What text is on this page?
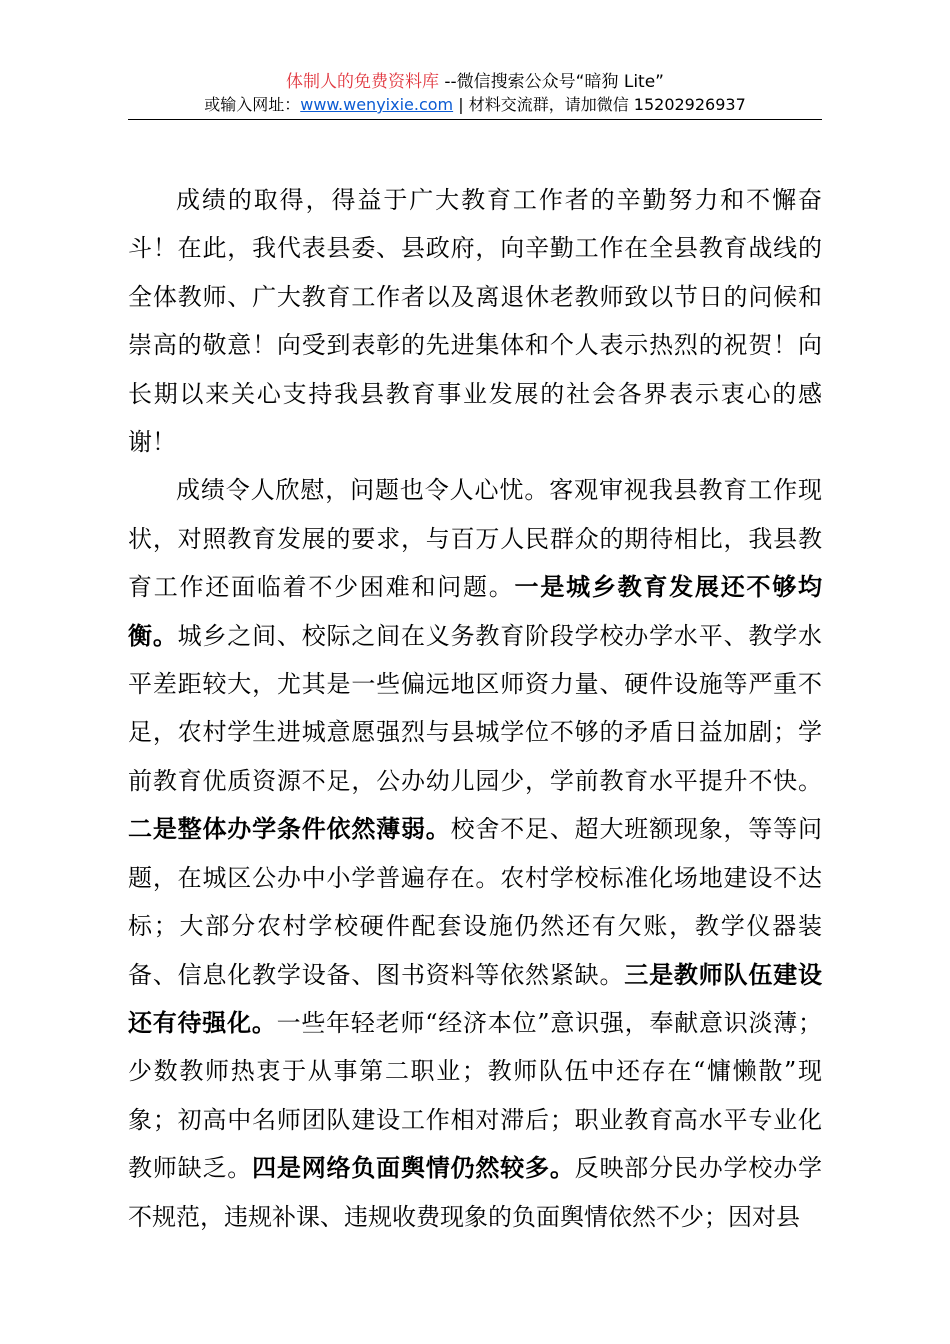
体制人的免费资料库 --微信搜索公众号“暗狗 Lite”
或输入网址：www.wenyixie.com | 材料交流群，请加微信 15202926937

成绩的取得，得益于广大教育工作者的辛勤努力和不懈奋斗！在此，我代表县委、县政府，向辛勤工作在全县教育战线的全体教师、广大教育工作者以及离退休老教师致以节日的问候和崇高的敬意！向受到表彰的先进集体和个人表示热烈的祝贺！向长期以来关心支持我县教育事业发展的社会各界表示衷心的感谢！

成绩令人欣慰，问题也令人心忧。客观审视我县教育工作现状，对照教育发展的要求，与百万人民群众的期待相比，我县教育工作还面临着不少困难和问题。一是城乡教育发展还不够均衡。城乡之间、校际之间在义务教育阶段学校办学水平、教学水平差距较大，尤其是一些偏远地区师资力量、硬件设施等严重不足，农村学生进城意愿强烈与县城学位不够的矛盾日益加剧；学前教育优质资源不足，公办幼儿园少，学前教育水平提升不快。二是整体办学条件依然薄弱。校舍不足、超大班额现象，等等问题，在城区公办中小学普遍存在。农村学校标准化场地建设不达标；大部分农村学校硬件配套设施仍然还有欠账，教学仪器装备、信息化教学设备、图书资料等依然紧缺。三是教师队伍建设还有待强化。一些年轻老师“经济本位”意识强，奉献意识淡薄；少数教师热衷于从事第二职业；教师队伍中还存在“慵懒散”现象；初高中名师团队建设工作相对滞后；职业教育高水平专业化教师缺乏。四是网络负面舆情仍然较多。反映部分民办学校办学不规范，违规补课、违规收费现象的负面舆情依然不少；因对县
